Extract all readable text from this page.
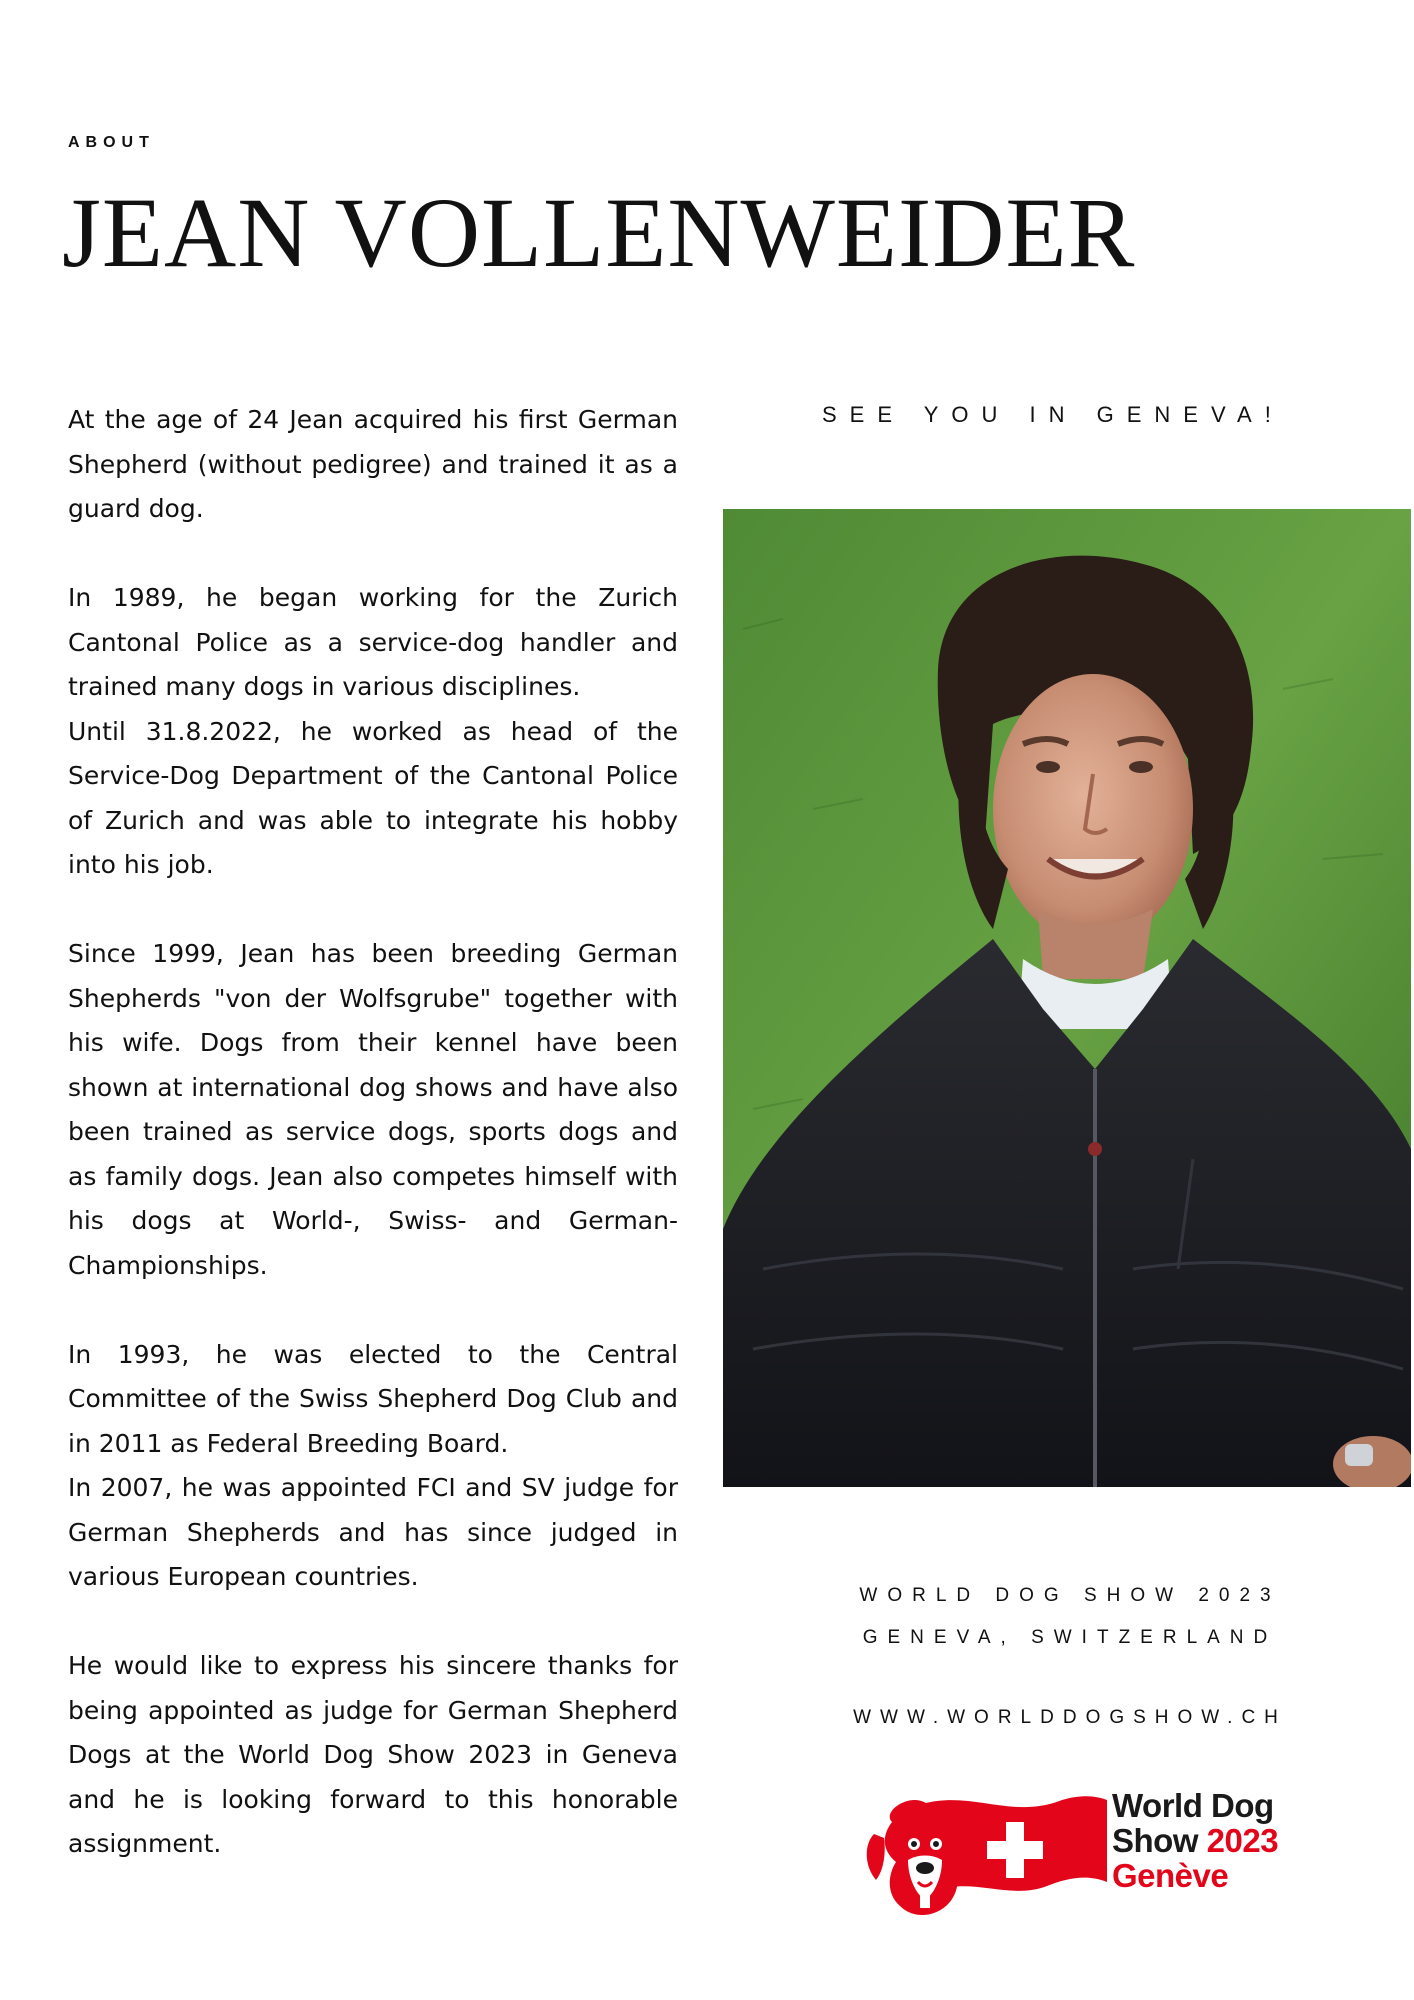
ABOUT
JEAN VOLLENWEIDER

At the age of 24 Jean acquired his first German Shepherd (without pedigree) and trained it as a guard dog.

In 1989, he began working for the Zurich Cantonal Police as a service-dog handler and trained many dogs in various disciplines.

Until 31.8.2022, he worked as head of the Service-Dog Department of the Cantonal Police of Zurich and was able to integrate his hobby into his job.

Since 1999, Jean has been breeding German Shepherds "von der Wolfsgrube" together with his wife. Dogs from their kennel have been shown at international dog shows and have also been trained as service dogs, sports dogs and as family dogs. Jean also competes himself with his dogs at World-, Swiss- and German-Championships.

In 1993, he was elected to the Central Committee of the Swiss Shepherd Dog Club and in 2011 as Federal Breeding Board.

In 2007, he was appointed FCI and SV judge for German Shepherds and has since judged in various European countries.

He would like to express his sincere thanks for being appointed as judge for German Shepherd Dogs at the World Dog Show 2023 in Geneva and he is looking forward to this honorable assignment.

SEE YOU IN GENEVA!
WORLD DOG SHOW 2023
GENEVA, SWITZERLAND
WWW.WORLDDOGSHOW.CH
World Dog
Show 2023
Genève
